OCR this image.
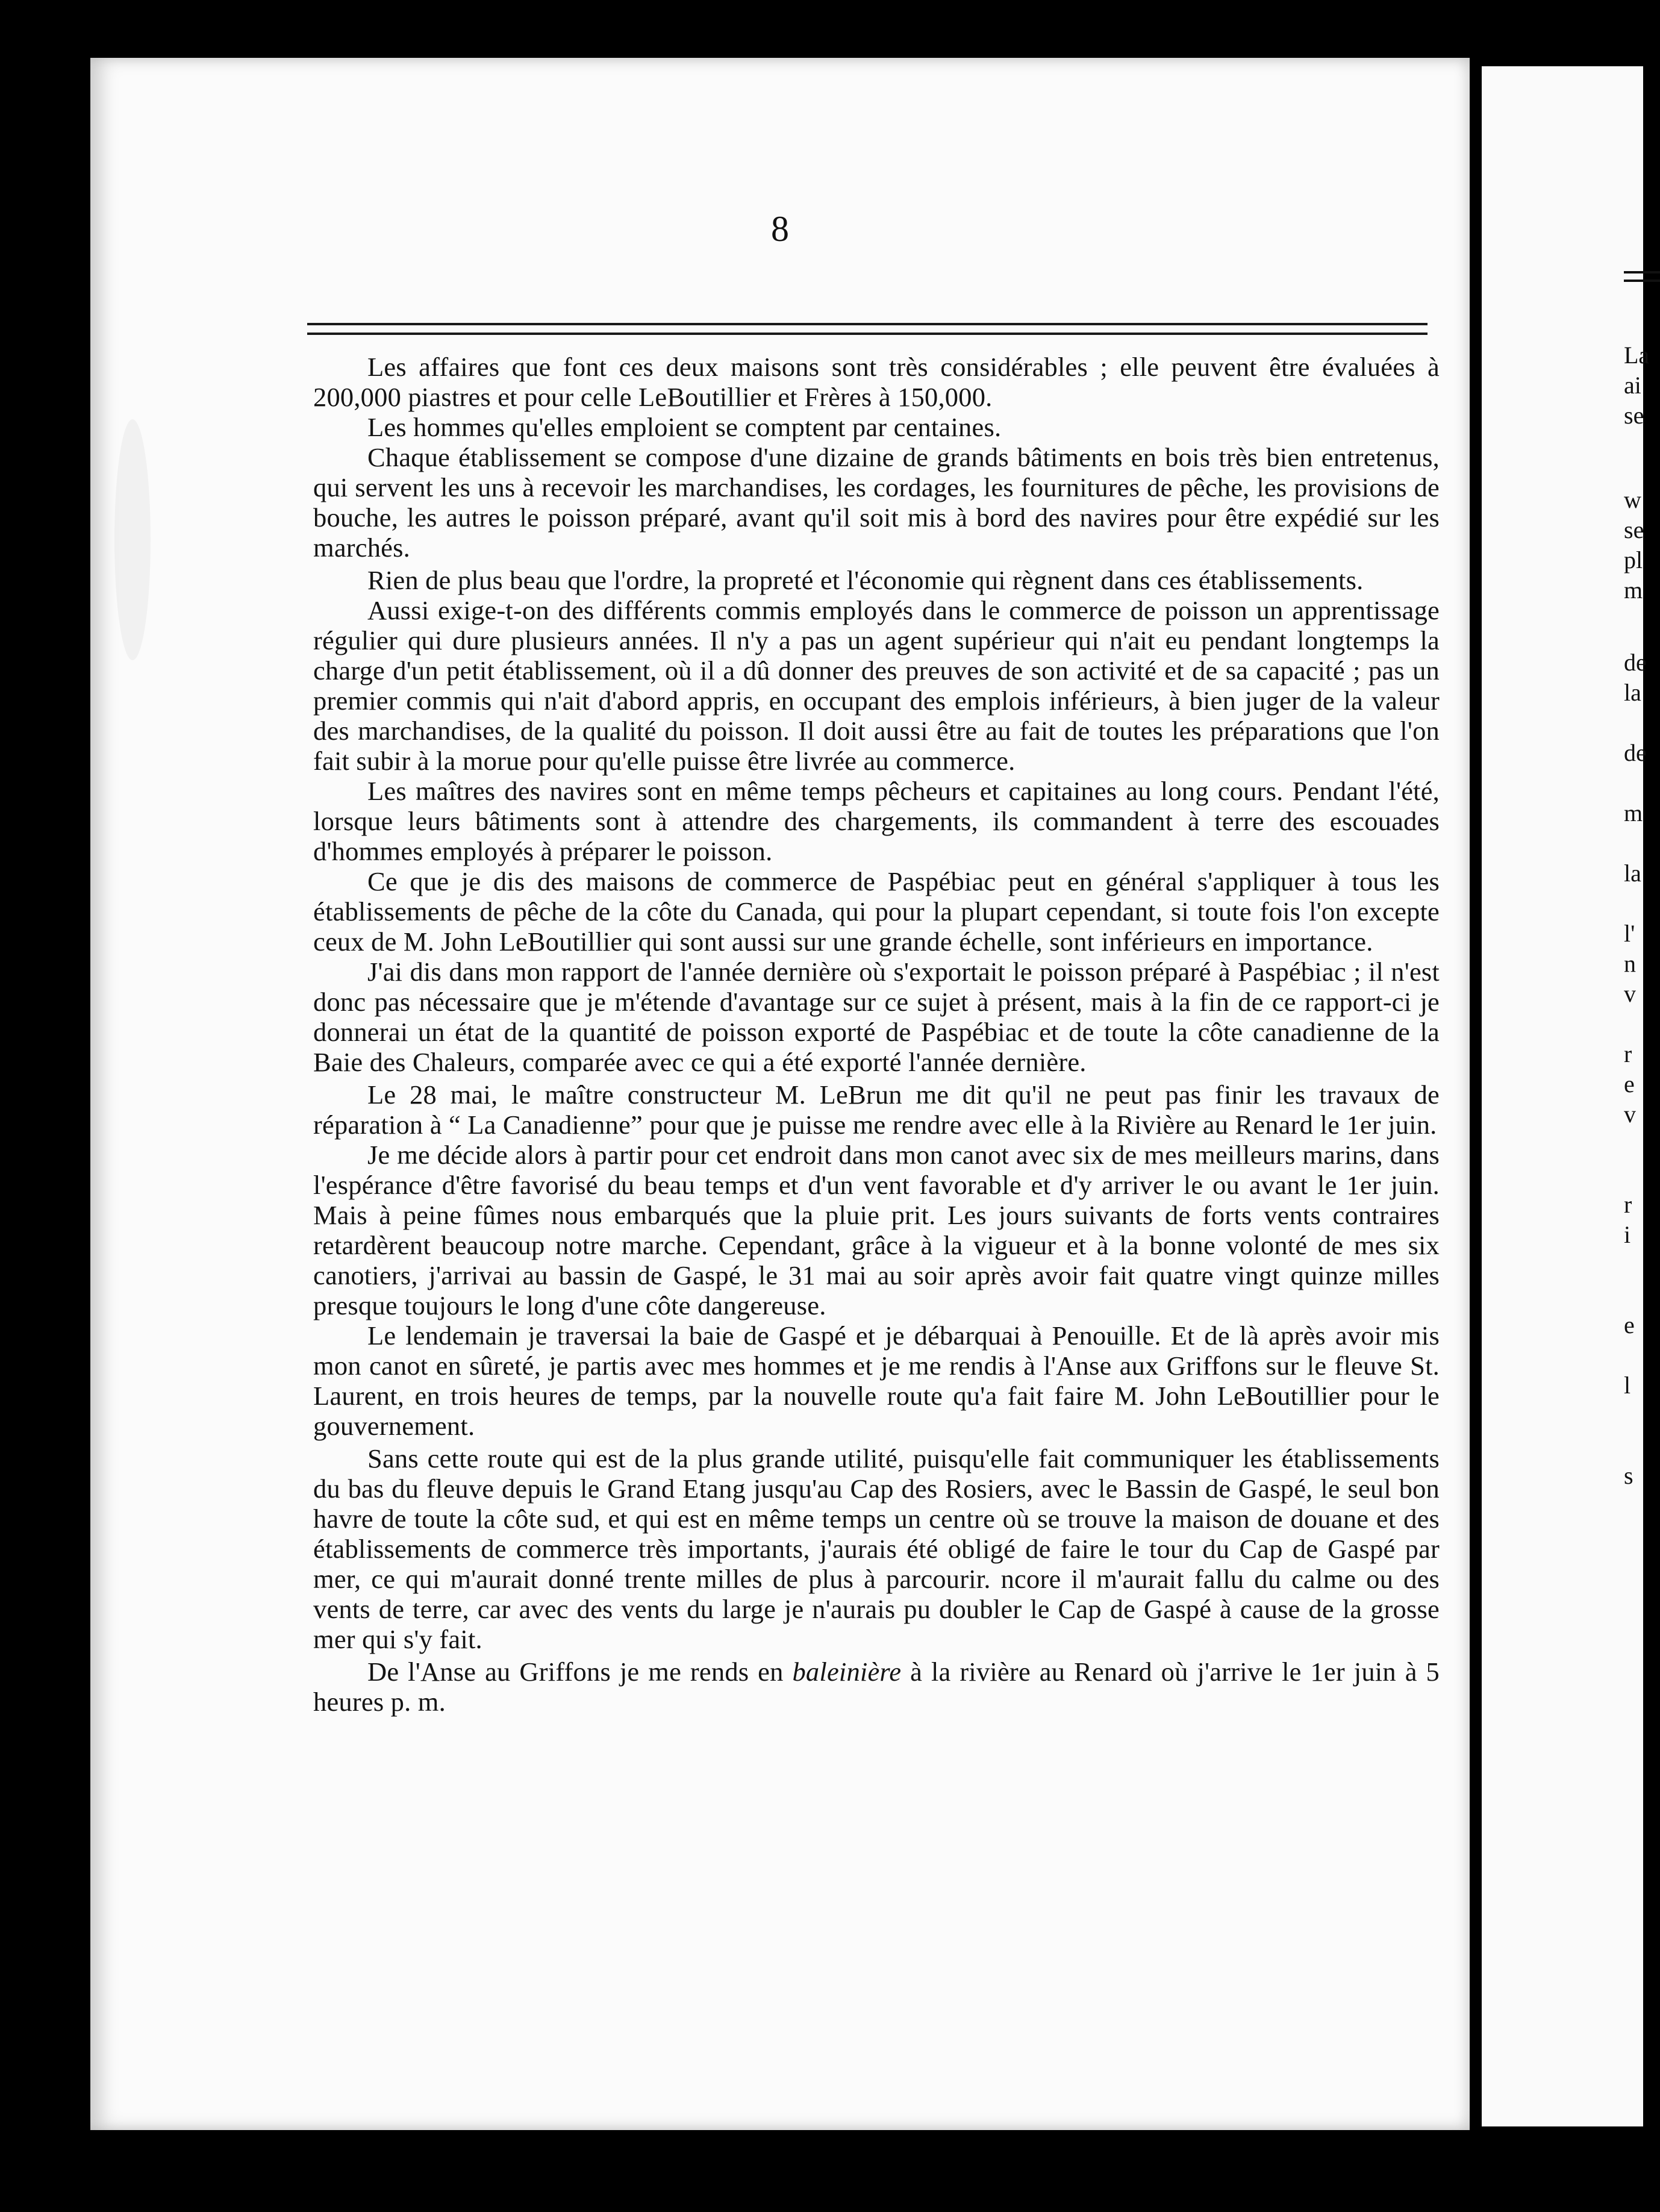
8

Les affaires que font ces deux maisons sont très considérables ; elle peuvent être évaluées à 200,000 piastres et pour celle LeBoutillier et Frères à 150,000.

Les hommes qu'elles emploient se comptent par centaines.

Chaque établissement se compose d'une dizaine de grands bâtiments en bois très bien entretenus, qui servent les uns à recevoir les marchandises, les cordages, les fournitures de pêche, les provisions de bouche, les autres le poisson préparé, avant qu'il soit mis à bord des navires pour être expédié sur les marchés.

Rien de plus beau que l'ordre, la propreté et l'économie qui règnent dans ces établissements.

Aussi exige-t-on des différents commis employés dans le commerce de poisson un apprentissage régulier qui dure plusieurs années. Il n'y a pas un agent supérieur qui n'ait eu pendant longtemps la charge d'un petit établissement, où il a dû donner des preuves de son activité et de sa capacité ; pas un premier commis qui n'ait d'abord appris, en occupant des emplois inférieurs, à bien juger de la valeur des marchandises, de la qualité du poisson. Il doit aussi être au fait de toutes les préparations que l'on fait subir à la morue pour qu'elle puisse être livrée au commerce.

Les maîtres des navires sont en même temps pêcheurs et capitaines au long cours. Pendant l'été, lorsque leurs bâtiments sont à attendre des chargements, ils commandent à terre des escouades d'hommes employés à préparer le poisson.

Ce que je dis des maisons de commerce de Paspébiac peut en général s'appliquer à tous les établissements de pêche de la côte du Canada, qui pour la plupart cependant, si toute fois l'on excepte ceux de M. John LeBoutillier qui sont aussi sur une grande échelle, sont inférieurs en importance.

J'ai dis dans mon rapport de l'année dernière où s'exportait le poisson préparé à Paspébiac ; il n'est donc pas nécessaire que je m'étende d'avantage sur ce sujet à présent, mais à la fin de ce rapport-ci je donnerai un état de la quantité de poisson exporté de Paspébiac et de toute la côte canadienne de la Baie des Chaleurs, comparée avec ce qui a été exporté l'année dernière.

Le 28 mai, le maître constructeur M. LeBrun me dit qu'il ne peut pas finir les travaux de réparation à “ La Canadienne” pour que je puisse me rendre avec elle à la Rivière au Renard le 1er juin.

Je me décide alors à partir pour cet endroit dans mon canot avec six de mes meilleurs marins, dans l'espérance d'être favorisé du beau temps et d'un vent favorable et d'y arriver le ou avant le 1er juin. Mais à peine fûmes nous embarqués que la pluie prit. Les jours suivants de forts vents contraires retardèrent beaucoup notre marche. Cependant, grâce à la vigueur et à la bonne volonté de mes six canotiers, j'arrivai au bassin de Gaspé, le 31 mai au soir après avoir fait quatre vingt quinze milles presque toujours le long d'une côte dangereuse.

Le lendemain je traversai la baie de Gaspé et je débarquai à Penouille. Et de là après avoir mis mon canot en sûreté, je partis avec mes hommes et je me rendis à l'Anse aux Griffons sur le fleuve St. Laurent, en trois heures de temps, par la nouvelle route qu'a fait faire M. John LeBoutillier pour le gouvernement.

Sans cette route qui est de la plus grande utilité, puisqu'elle fait communiquer les établissements du bas du fleuve depuis le Grand Etang jusqu'au Cap des Rosiers, avec le Bassin de Gaspé, le seul bon havre de toute la côte sud, et qui est en même temps un centre où se trouve la maison de douane et des établissements de commerce très importants, j'aurais été obligé de faire le tour du Cap de Gaspé par mer, ce qui m'aurait donné trente milles de plus à parcourir. ncore il m'aurait fallu du calme ou des vents de terre, car avec des vents du large je n'aurais pu doubler le Cap de Gaspé à cause de la grosse mer qui s'y fait.

De l'Anse au Griffons je me rends en baleinière à la rivière au Renard où j'arrive le 1er juin à 5 heures p. m.

La
ai
se
w
se
pl
m
de
la
de
m
la
l'
n
v
r
e
v
r
i
e
l
s
